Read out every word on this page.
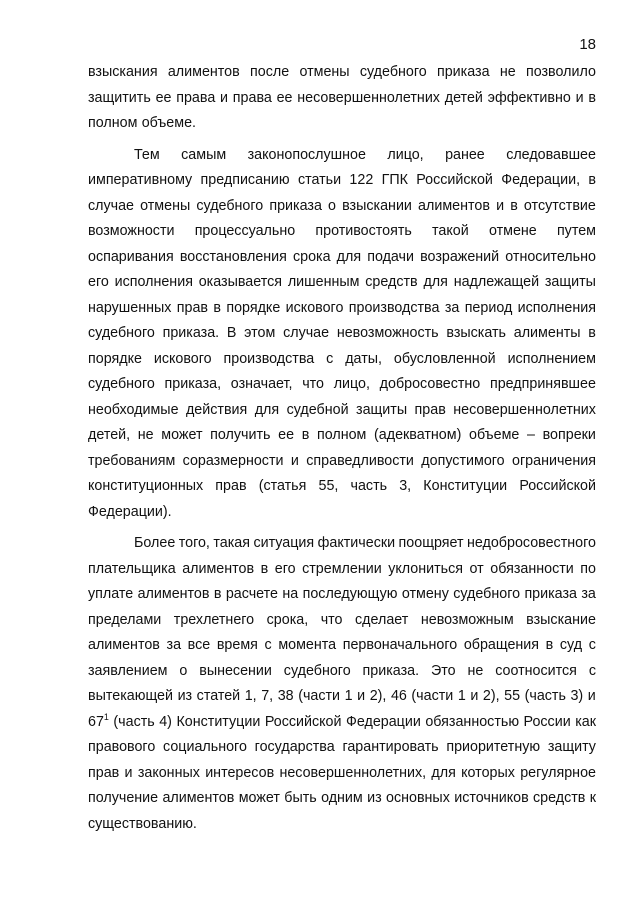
18
взыскания алиментов после отмены судебного приказа не позволило
защитить ее права и права ее несовершеннолетних детей эффективно и в
полном объеме.
Тем самым законопослушное лицо, ранее следовавшее
императивному предписанию статьи 122 ГПК Российской Федерации, в
случае отмены судебного приказа о взыскании алиментов и в отсутствие
возможности процессуально противостоять такой отмене путем
оспаривания восстановления срока для подачи возражений относительно
его исполнения оказывается лишенным средств для надлежащей защиты
нарушенных прав в порядке искового производства за период исполнения
судебного приказа. В этом случае невозможность взыскать алименты в
порядке искового производства с даты, обусловленной исполнением
судебного приказа, означает, что лицо, добросовестно предпринявшее
необходимые действия для судебной защиты прав несовершеннолетних
детей, не может получить ее в полном (адекватном) объеме – вопреки
требованиям соразмерности и справедливости допустимого ограничения
конституционных прав (статья 55, часть 3, Конституции Российской
Федерации).
Более того, такая ситуация фактически поощряет недобросовестного
плательщика алиментов в его стремлении уклониться от обязанности по
уплате алиментов в расчете на последующую отмену судебного приказа за
пределами трехлетнего срока, что сделает невозможным взыскание
алиментов за все время с момента первоначального обращения в суд с
заявлением о вынесении судебного приказа. Это не соотносится с
вытекающей из статей 1, 7, 38 (части 1 и 2), 46 (части 1 и 2), 55 (часть 3) и
$67^1$ (часть 4) Конституции Российской Федерации обязанностью России как
правового социального государства гарантировать приоритетную защиту
прав и законных интересов несовершеннолетних, для которых регулярное
получение алиментов может быть одним из основных источников средств к
существованию.
